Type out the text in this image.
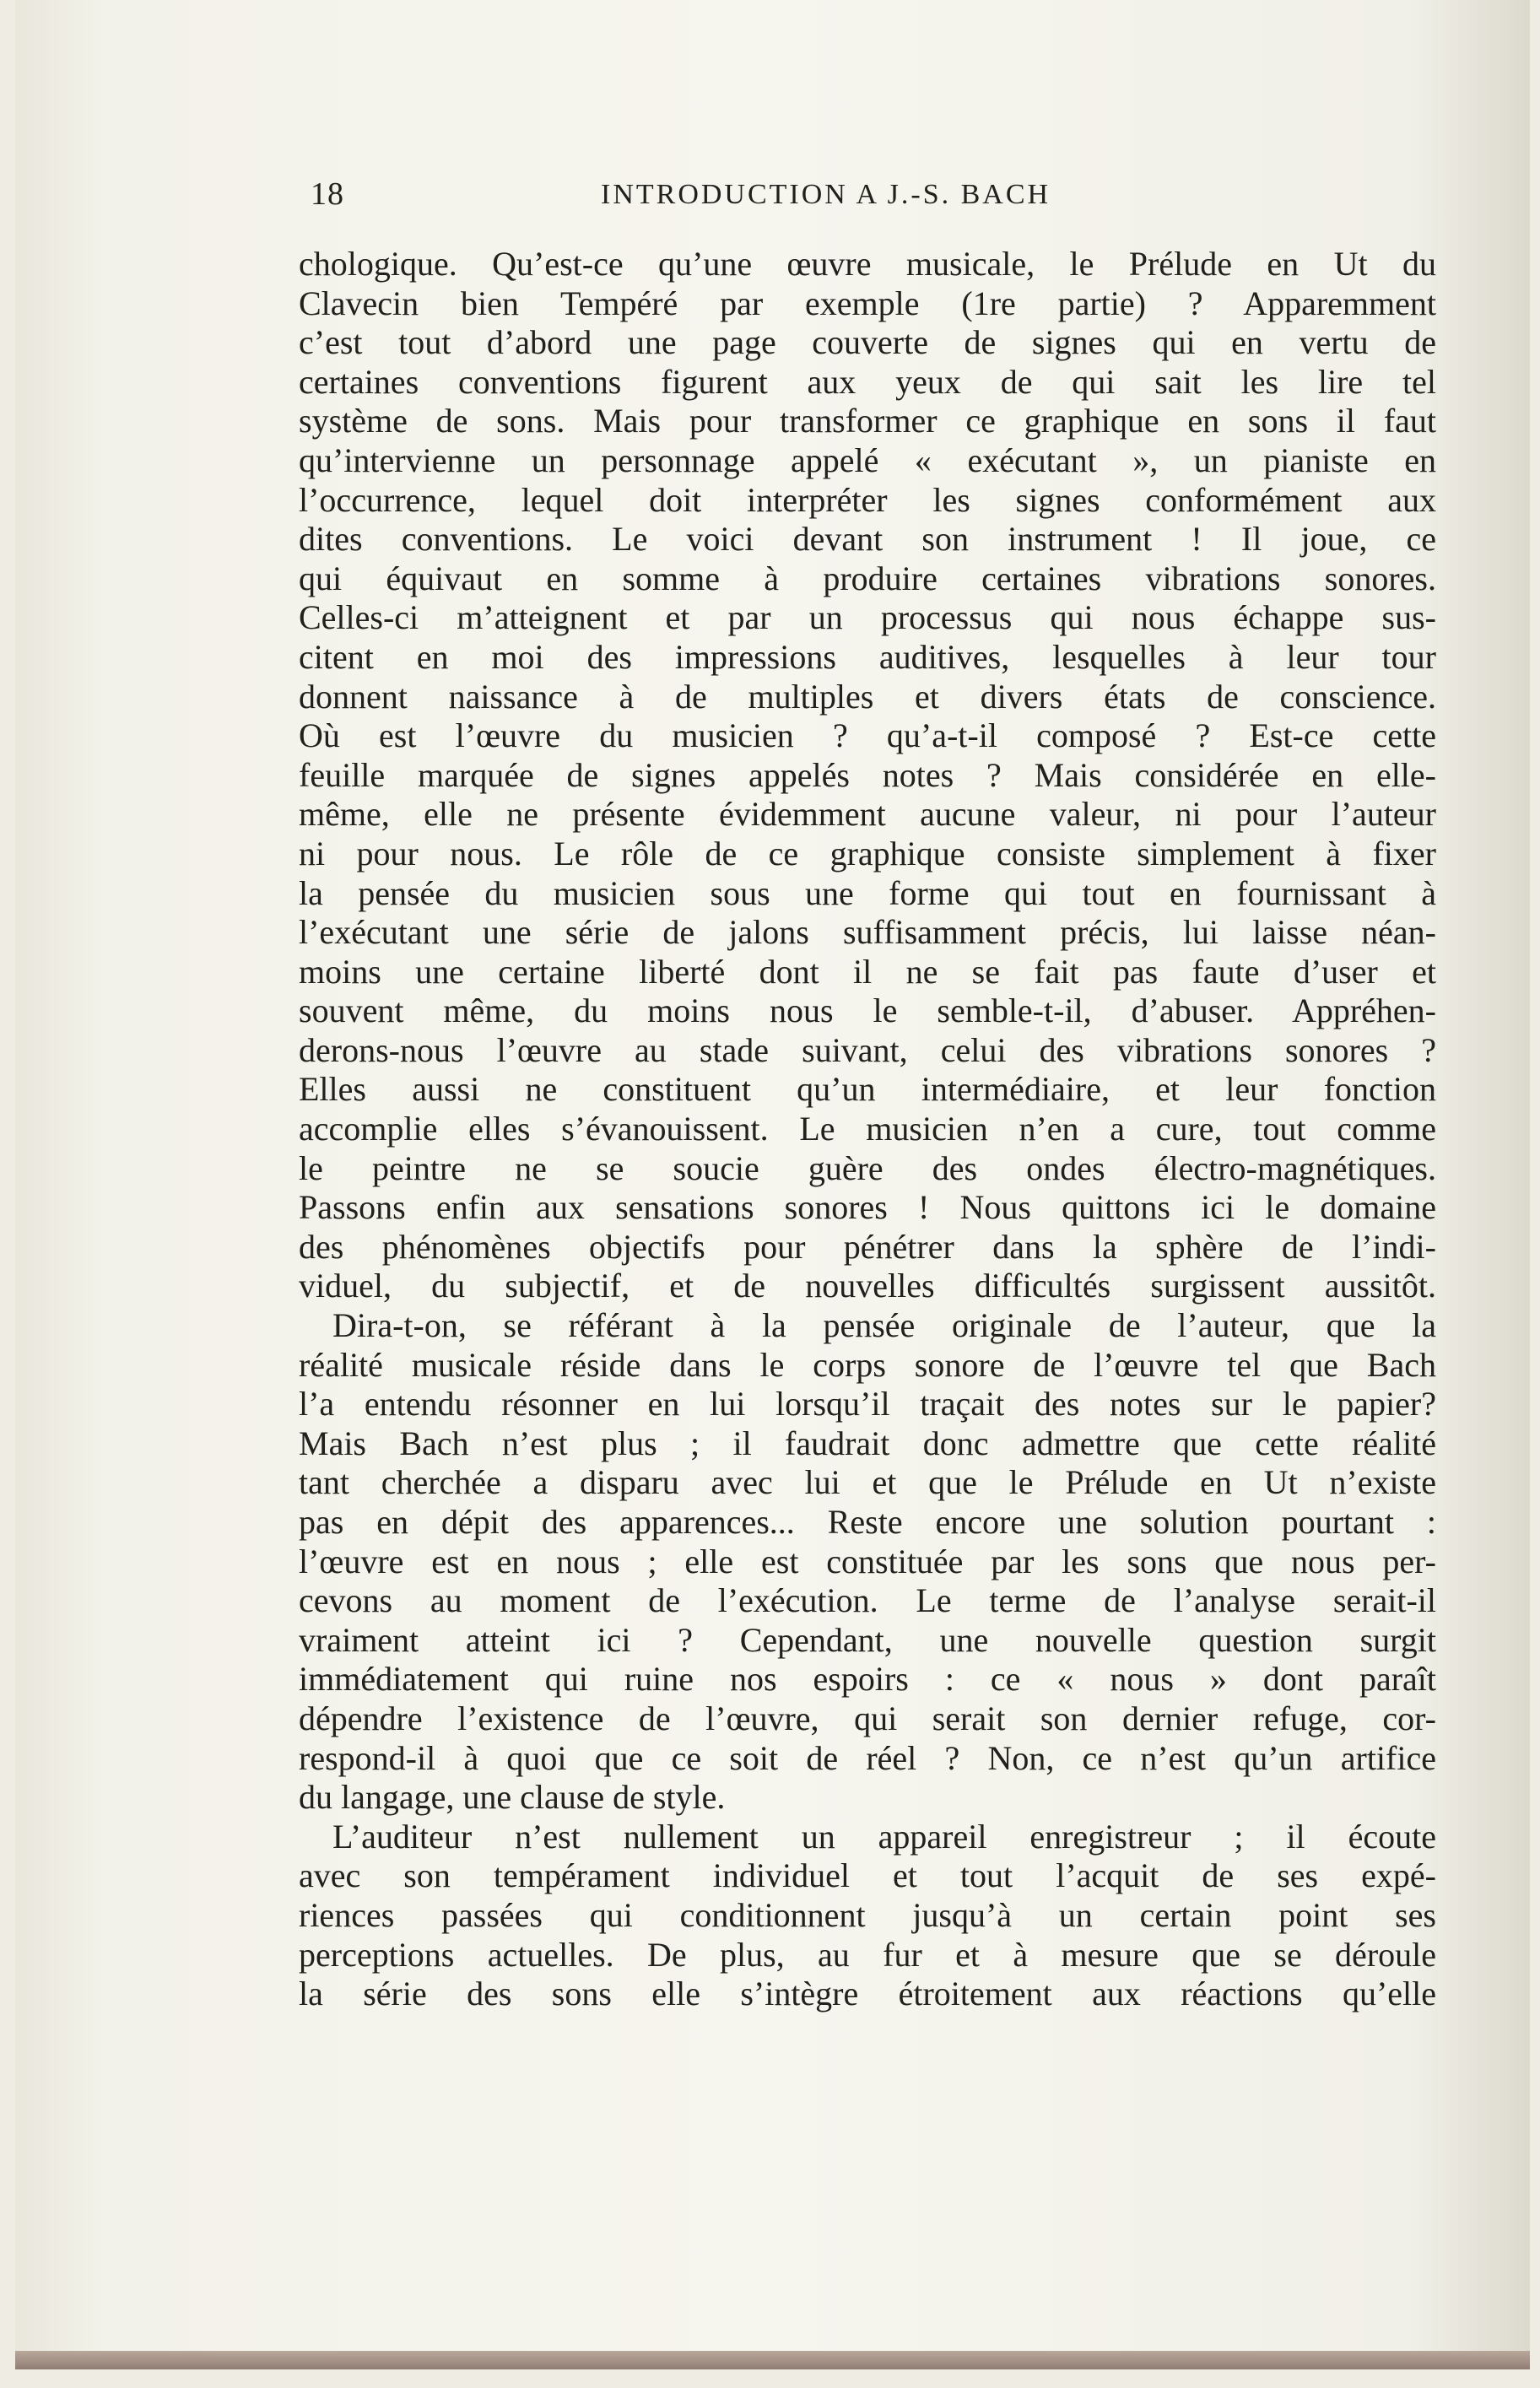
18	INTRODUCTION A J.-S. BACH

chologique. Qu’est-ce qu’une œuvre musicale, le Prélude en Ut du
Clavecin bien Tempéré par exemple (1re partie) ? Apparemment
c’est tout d’abord une page couverte de signes qui en vertu de
certaines conventions figurent aux yeux de qui sait les lire tel
système de sons. Mais pour transformer ce graphique en sons il faut
qu’intervienne un personnage appelé « exécutant », un pianiste en
l’occurrence, lequel doit interpréter les signes conformément aux
dites conventions. Le voici devant son instrument ! Il joue, ce
qui équivaut en somme à produire certaines vibrations sonores.
Celles-ci m’atteignent et par un processus qui nous échappe sus-
citent en moi des impressions auditives, lesquelles à leur tour
donnent naissance à de multiples et divers états de conscience.
Où est l’œuvre du musicien ? qu’a-t-il composé ? Est-ce cette
feuille marquée de signes appelés notes ? Mais considérée en elle-
même, elle ne présente évidemment aucune valeur, ni pour l’auteur
ni pour nous. Le rôle de ce graphique consiste simplement à fixer
la pensée du musicien sous une forme qui tout en fournissant à
l’exécutant une série de jalons suffisamment précis, lui laisse néan-
moins une certaine liberté dont il ne se fait pas faute d’user et
souvent même, du moins nous le semble-t-il, d’abuser. Appréhen-
derons-nous l’œuvre au stade suivant, celui des vibrations sonores ?
Elles aussi ne constituent qu’un intermédiaire, et leur fonction
accomplie elles s’évanouissent. Le musicien n’en a cure, tout comme
le peintre ne se soucie guère des ondes électro-magnétiques.
Passons enfin aux sensations sonores ! Nous quittons ici le domaine
des phénomènes objectifs pour pénétrer dans la sphère de l’indi-
viduel, du subjectif, et de nouvelles difficultés surgissent aussitôt.

Dira-t-on, se référant à la pensée originale de l’auteur, que la
réalité musicale réside dans le corps sonore de l’œuvre tel que Bach
l’a entendu résonner en lui lorsqu’il traçait des notes sur le papier?
Mais Bach n’est plus ; il faudrait donc admettre que cette réalité
tant cherchée a disparu avec lui et que le Prélude en Ut n’existe
pas en dépit des apparences... Reste encore une solution pourtant :
l’œuvre est en nous ; elle est constituée par les sons que nous per-
cevons au moment de l’exécution. Le terme de l’analyse serait-il
vraiment atteint ici ? Cependant, une nouvelle question surgit
immédiatement qui ruine nos espoirs : ce « nous » dont paraît
dépendre l’existence de l’œuvre, qui serait son dernier refuge, cor-
respond-il à quoi que ce soit de réel ? Non, ce n’est qu’un artifice
du langage, une clause de style.

L’auditeur n’est nullement un appareil enregistreur ; il écoute
avec son tempérament individuel et tout l’acquit de ses expé-
riences passées qui conditionnent jusqu’à un certain point ses
perceptions actuelles. De plus, au fur et à mesure que se déroule
la série des sons elle s’intègre étroitement aux réactions qu’elle
